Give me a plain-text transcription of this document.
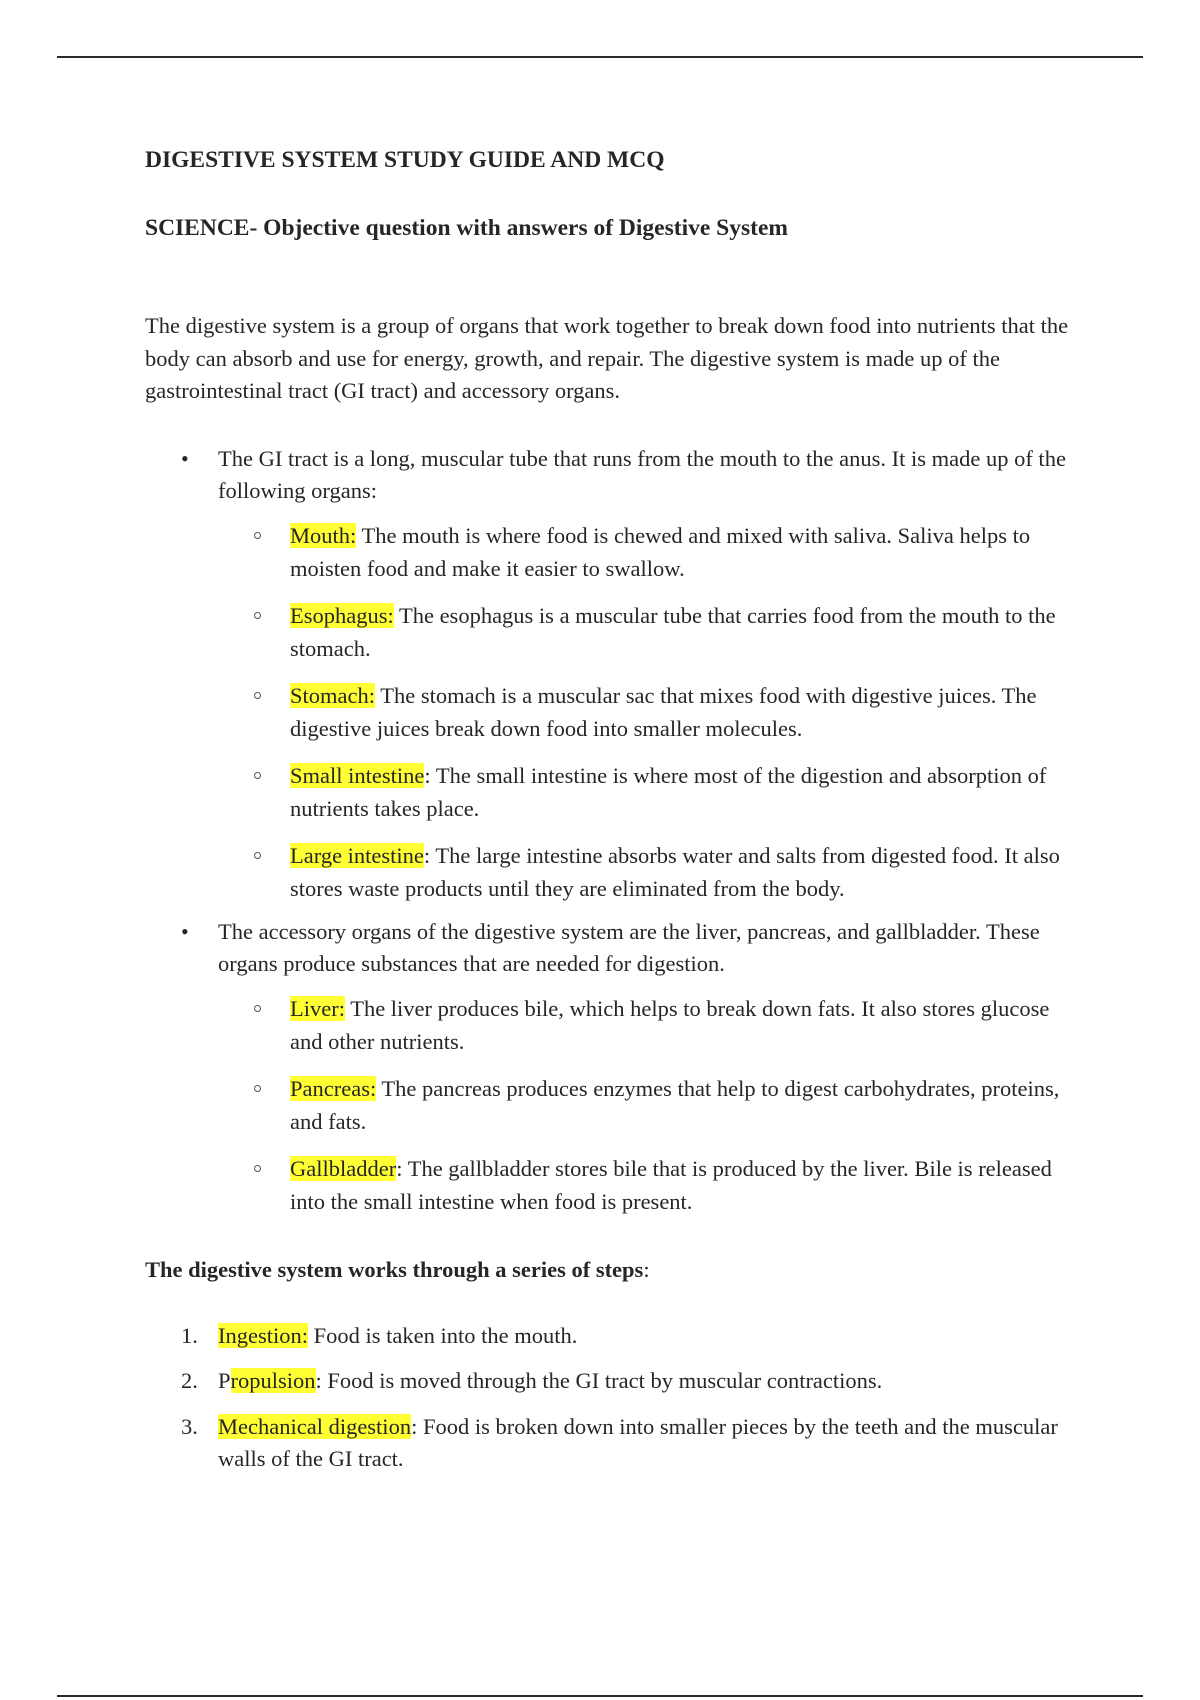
DIGESTIVE SYSTEM STUDY GUIDE AND MCQ

SCIENCE- Objective question with answers of Digestive System

The digestive system is a group of organs that work together to break down food into nutrients that the body can absorb and use for energy, growth, and repair. The digestive system is made up of the gastrointestinal tract (GI tract) and accessory organs.

• The GI tract is a long, muscular tube that runs from the mouth to the anus. It is made up of the following organs:
Mouth: The mouth is where food is chewed and mixed with saliva. Saliva helps to moisten food and make it easier to swallow.
Esophagus: The esophagus is a muscular tube that carries food from the mouth to the stomach.
Stomach: The stomach is a muscular sac that mixes food with digestive juices. The digestive juices break down food into smaller molecules.
Small intestine: The small intestine is where most of the digestion and absorption of nutrients takes place.
Large intestine: The large intestine absorbs water and salts from digested food. It also stores waste products until they are eliminated from the body.
• The accessory organs of the digestive system are the liver, pancreas, and gallbladder. These organs produce substances that are needed for digestion.
Liver: The liver produces bile, which helps to break down fats. It also stores glucose and other nutrients.
Pancreas: The pancreas produces enzymes that help to digest carbohydrates, proteins, and fats.
Gallbladder: The gallbladder stores bile that is produced by the liver. Bile is released into the small intestine when food is present.

The digestive system works through a series of steps:

1. Ingestion: Food is taken into the mouth.
2. Propulsion: Food is moved through the GI tract by muscular contractions.
3. Mechanical digestion: Food is broken down into smaller pieces by the teeth and the muscular walls of the GI tract.
